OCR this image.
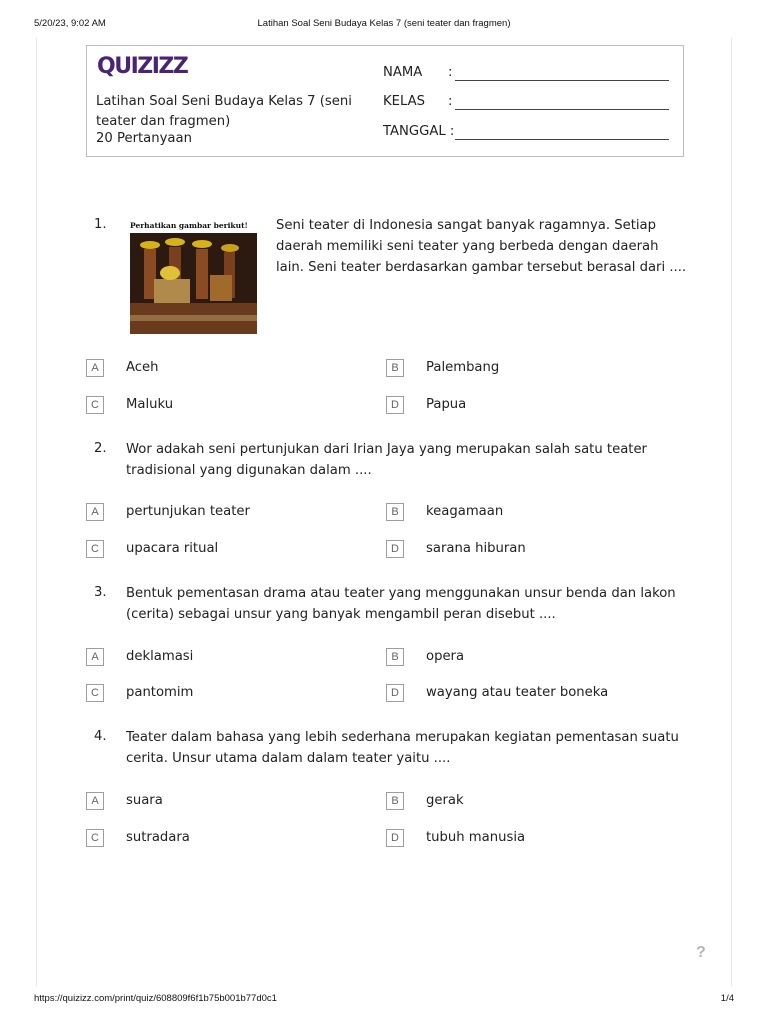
5/20/23, 9:02 AM	Latihan Soal Seni Budaya Kelas 7 (seni teater dan fragmen)
QUIZIZZ
Latihan Soal Seni Budaya Kelas 7 (seni teater dan fragmen)
20 Pertanyaan
NAMA :
KELAS :
TANGGAL :
1.	Perhatikan gambar berikut!	Seni teater di Indonesia sangat banyak ragamnya. Setiap daerah memiliki seni teater yang berbeda dengan daerah lain. Seni teater berdasarkan gambar tersebut berasal dari ....
A	Aceh	B	Palembang
C	Maluku	D	Papua
2. Wor adakah seni pertunjukan dari Irian Jaya yang merupakan salah satu teater tradisional yang digunakan dalam ....
A	pertunjukan teater	B	keagamaan
C	upacara ritual	D	sarana hiburan
3. Bentuk pementasan drama atau teater yang menggunakan unsur benda dan lakon (cerita) sebagai unsur yang banyak mengambil peran disebut ....
A	deklamasi	B	opera
C	pantomim	D	wayang atau teater boneka
4. Teater dalam bahasa yang lebih sederhana merupakan kegiatan pementasan suatu cerita. Unsur utama dalam dalam teater yaitu ....
A	suara	B	gerak
C	sutradara	D	tubuh manusia
?
https://quizizz.com/print/quiz/608809f6f1b75b001b77d0c1	1/4
